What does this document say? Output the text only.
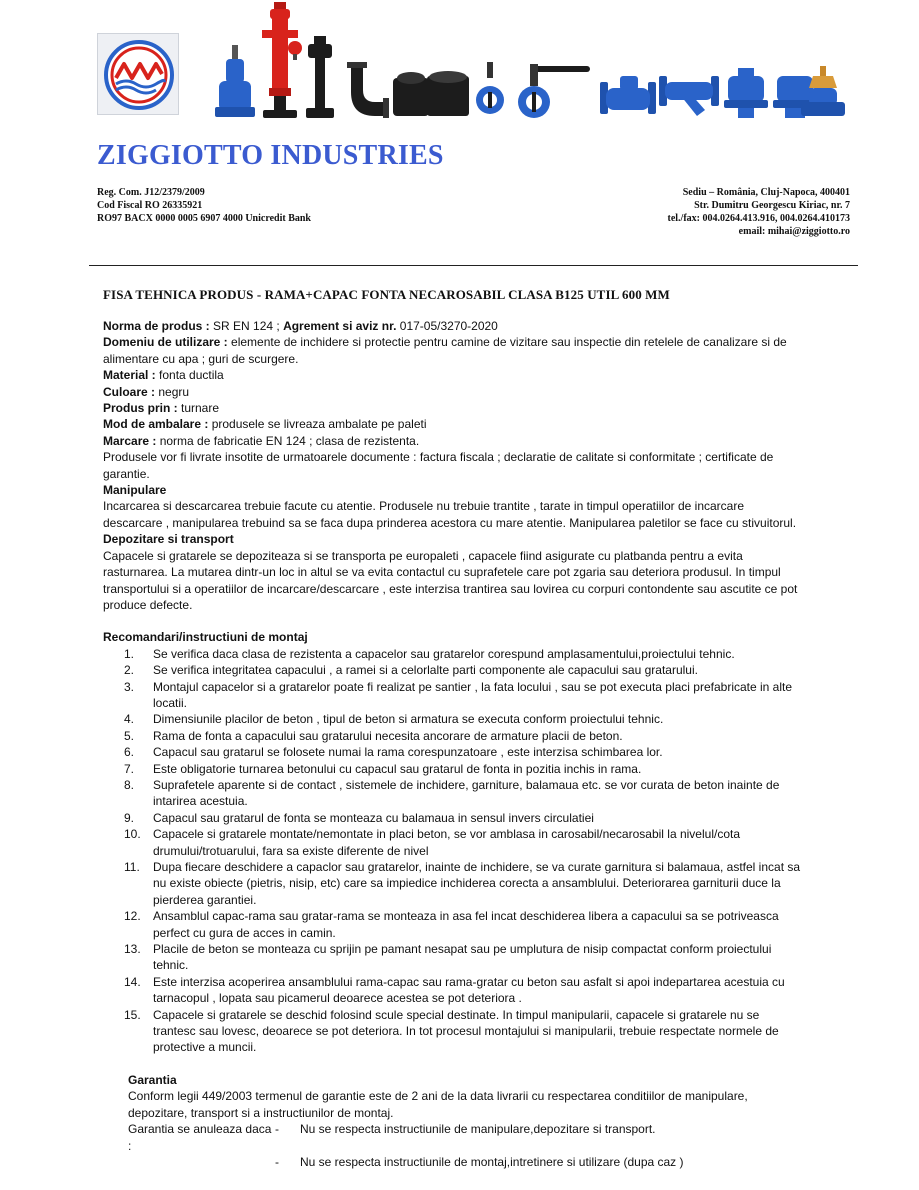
ZIGGIOTTO INDUSTRIES
Reg. Com. J12/2379/2009
Cod Fiscal RO 26335921
RO97 BACX 0000 0005 6907 4000 Unicredit Bank
Sediu – România, Cluj-Napoca, 400401
Str. Dumitru Georgescu Kiriac, nr. 7
tel./fax: 004.0264.413.916, 004.0264.410173
email: mihai@ziggiotto.ro
FISA TEHNICA PRODUS - RAMA+CAPAC FONTA NECAROSABIL CLASA B125 UTIL 600 MM
Norma de produs : SR EN 124 ; Agrement si aviz nr. 017-05/3270-2020
Domeniu de utilizare : elemente de inchidere si protectie pentru camine de vizitare sau inspectie din retelele de canalizare si de alimentare cu apa ; guri de scurgere.
Material : fonta ductila
Culoare : negru
Produs prin : turnare
Mod de ambalare : produsele se livreaza ambalate pe paleti
Marcare : norma de fabricatie EN 124 ; clasa de rezistenta.
Produsele vor fi livrate insotite de urmatoarele documente : factura fiscala ; declaratie de calitate si conformitate ; certificate de garantie.
Manipulare
Incarcarea si descarcarea trebuie facute cu atentie. Produsele nu trebuie trantite , tarate in timpul operatiilor de incarcare descarcare , manipularea trebuind sa se faca dupa prinderea acestora cu mare atentie. Manipularea paletilor se face cu stivuitorul.
Depozitare si transport
Capacele si gratarele se depoziteaza si se transporta pe europaleti , capacele fiind asigurate cu platbanda pentru a evita rasturnarea. La mutarea dintr-un loc in altul se va evita contactul cu suprafetele care pot zgaria sau deteriora produsul. In timpul transportului si a operatiilor de incarcare/descarcare , este interzisa trantirea sau lovirea cu corpuri contondente sau ascutite ce pot produce defecte.
Recomandari/instructiuni de montaj
1.	Se verifica daca clasa de rezistenta a capacelor sau gratarelor corespund amplasamentului,proiectului tehnic.
2.	Se verifica integritatea capacului , a ramei si a celorlalte parti componente ale capacului sau gratarului.
3.	Montajul capacelor si a gratarelor poate fi realizat pe santier , la fata locului , sau se pot executa placi prefabricate in alte locatii.
4.	Dimensiunile placilor de beton , tipul de beton si armatura se executa conform proiectului tehnic.
5.	Rama de fonta a capacului sau gratarului necesita ancorare de armature placii de beton.
6.	Capacul sau gratarul se folosete numai la rama corespunzatoare , este interzisa schimbarea lor.
7.	Este obligatorie turnarea betonului cu capacul sau gratarul de fonta in pozitia inchis in rama.
8.	Suprafetele aparente si de contact , sistemele de inchidere, garniture, balamaua etc. se vor curata de beton inainte de intarirea acestuia.
9.	Capacul sau gratarul de fonta se monteaza cu balamaua in sensul invers circulatiei
10.	Capacele si gratarele montate/nemontate in placi beton, se vor amblasa in carosabil/necarosabil la nivelul/cota drumului/trotuarului, fara sa existe diferente de nivel
11.	Dupa fiecare deschidere a capaclor sau gratarelor, inainte de inchidere, se va curate garnitura si balamaua, astfel incat sa nu existe obiecte (pietris, nisip, etc) care sa impiedice inchiderea corecta a ansamblului. Deteriorarea garniturii duce la pierderea garantiei.
12.	Ansamblul capac-rama sau gratar-rama se monteaza in asa fel incat deschiderea libera a capacului sa se potriveasca perfect cu gura de acces in camin.
13.	Placile de beton se monteaza cu sprijin pe pamant nesapat sau pe umplutura de nisip compactat conform proiectului tehnic.
14.	Este interzisa acoperirea ansamblului rama-capac sau rama-gratar cu beton sau asfalt si apoi indepartarea acestuia cu tarnacopul , lopata sau picamerul deoarece acestea se pot deteriora .
15.	Capacele si gratarele se deschid folosind scule special destinate. In timpul manipularii, capacele si gratarele nu se trantesc sau lovesc, deoarece se pot deteriora. In tot procesul montajului si manipularii, trebuie respectate normele de protective a muncii.
Garantia
Conform legii 449/2003 termenul de garantie este de 2 ani de la data livrarii cu respectarea conditiilor de manipulare, depozitare, transport si a instructiunilor de montaj.
Garantia se anuleaza daca :
- Nu se respecta instructiunile de manipulare,depozitare si transport.
- Nu se respecta instructiunile de montaj,intretinere si utilizare (dupa caz )
